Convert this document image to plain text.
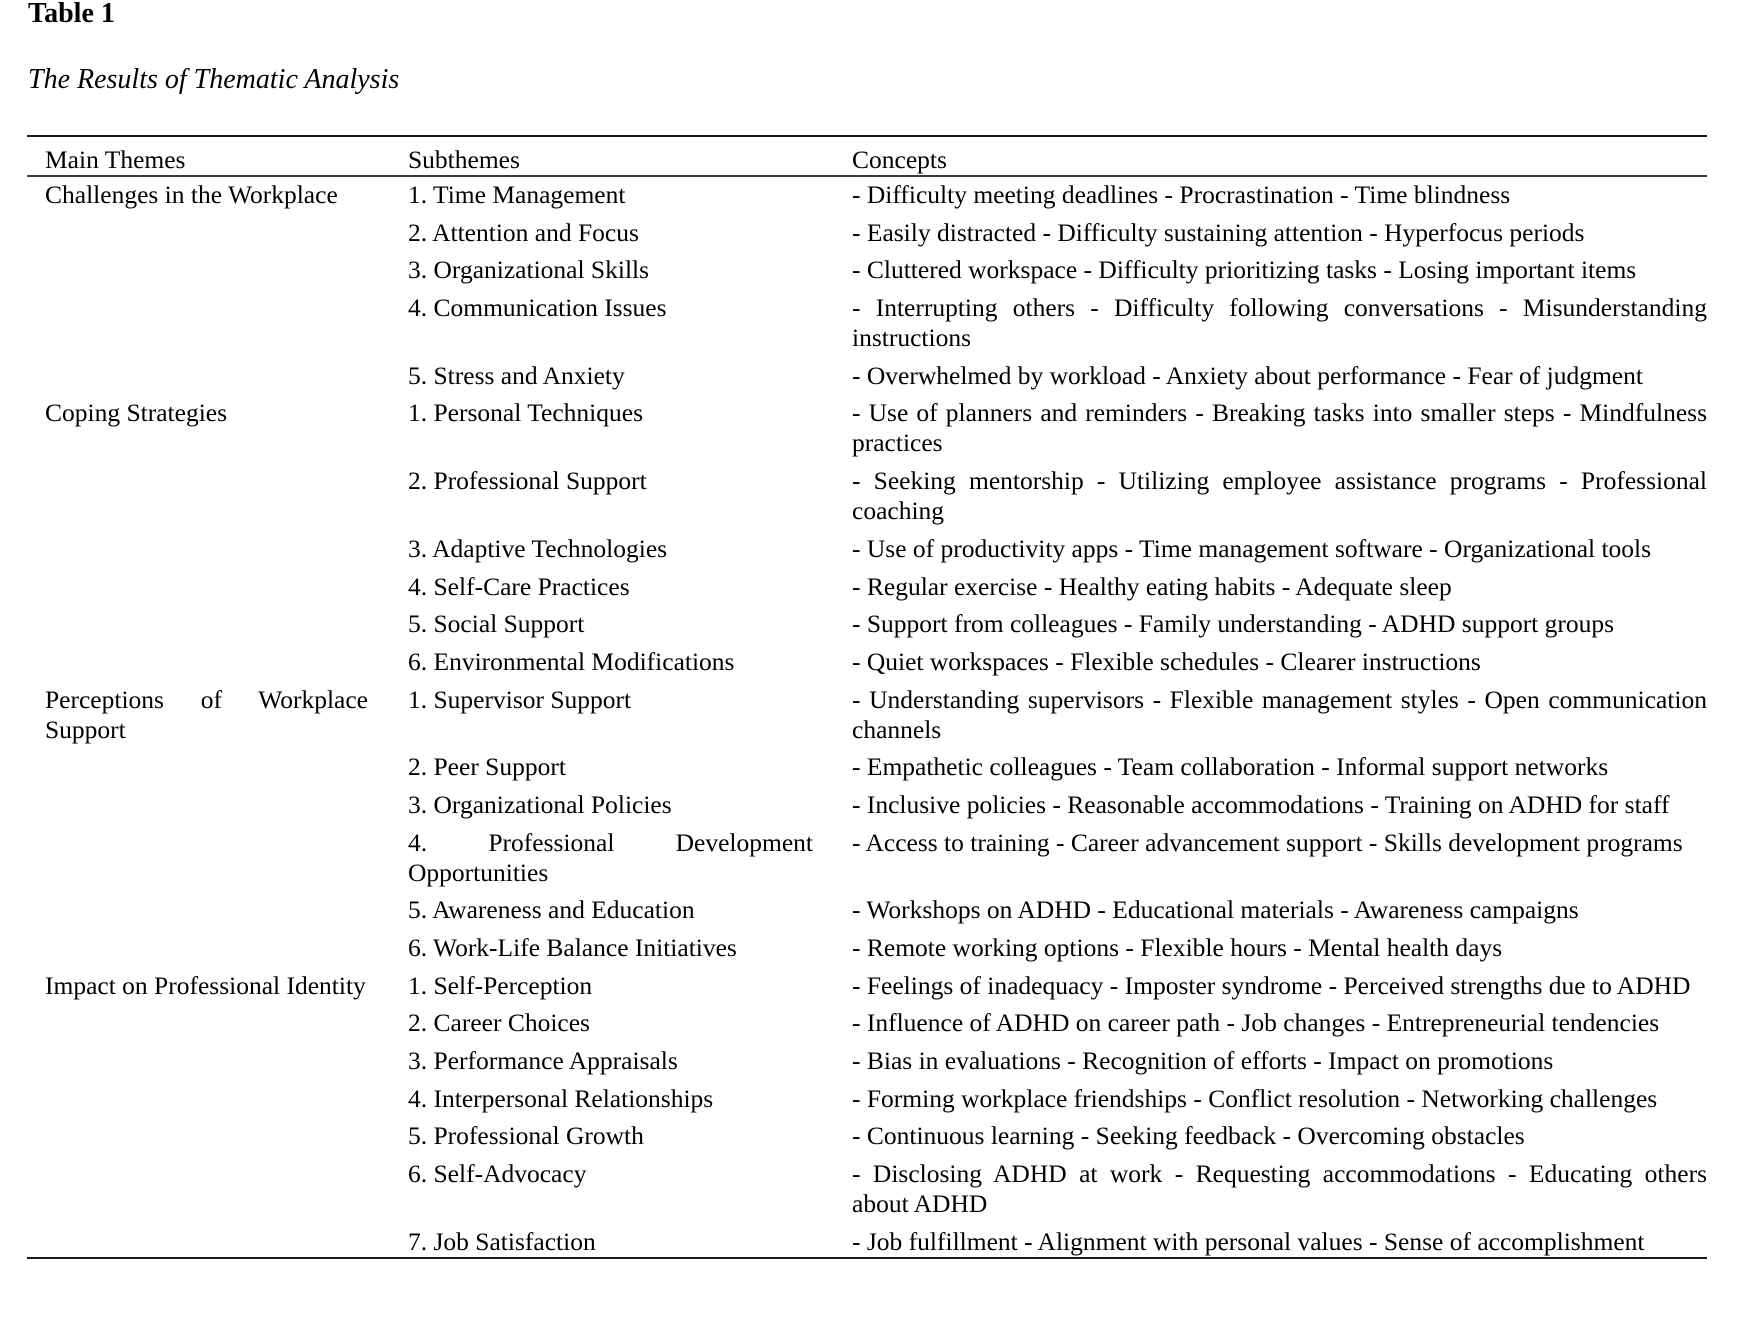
Table 1
The Results of Thematic Analysis
Main Themes	Subthemes	Concepts
Challenges in the Workplace	1. Time Management	- Difficulty meeting deadlines - Procrastination - Time blindness
	2. Attention and Focus	- Easily distracted - Difficulty sustaining attention - Hyperfocus periods
	3. Organizational Skills	- Cluttered workspace - Difficulty prioritizing tasks - Losing important items
	4. Communication Issues	- Interrupting others - Difficulty following conversations - Misunderstanding instructions
	5. Stress and Anxiety	- Overwhelmed by workload - Anxiety about performance - Fear of judgment
Coping Strategies	1. Personal Techniques	- Use of planners and reminders - Breaking tasks into smaller steps - Mindfulness practices
	2. Professional Support	- Seeking mentorship - Utilizing employee assistance programs - Professional coaching
	3. Adaptive Technologies	- Use of productivity apps - Time management software - Organizational tools
	4. Self-Care Practices	- Regular exercise - Healthy eating habits - Adequate sleep
	5. Social Support	- Support from colleagues - Family understanding - ADHD support groups
	6. Environmental Modifications	- Quiet workspaces - Flexible schedules - Clearer instructions
Perceptions of Workplace Support	1. Supervisor Support	- Understanding supervisors - Flexible management styles - Open communication channels
	2. Peer Support	- Empathetic colleagues - Team collaboration - Informal support networks
	3. Organizational Policies	- Inclusive policies - Reasonable accommodations - Training on ADHD for staff
	4. Professional Development Opportunities	- Access to training - Career advancement support - Skills development programs
	5. Awareness and Education	- Workshops on ADHD - Educational materials - Awareness campaigns
	6. Work-Life Balance Initiatives	- Remote working options - Flexible hours - Mental health days
Impact on Professional Identity	1. Self-Perception	- Feelings of inadequacy - Imposter syndrome - Perceived strengths due to ADHD
	2. Career Choices	- Influence of ADHD on career path - Job changes - Entrepreneurial tendencies
	3. Performance Appraisals	- Bias in evaluations - Recognition of efforts - Impact on promotions
	4. Interpersonal Relationships	- Forming workplace friendships - Conflict resolution - Networking challenges
	5. Professional Growth	- Continuous learning - Seeking feedback - Overcoming obstacles
	6. Self-Advocacy	- Disclosing ADHD at work - Requesting accommodations - Educating others about ADHD
	7. Job Satisfaction	- Job fulfillment - Alignment with personal values - Sense of accomplishment
